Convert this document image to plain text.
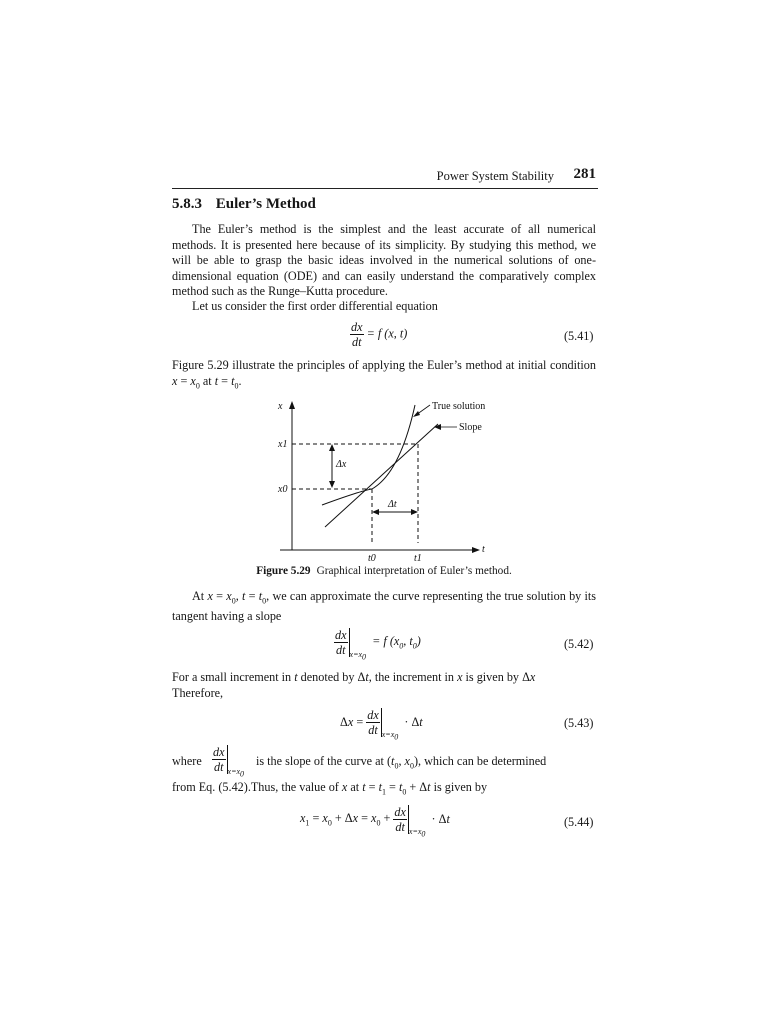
Power System Stability 281
5.8.3 Euler’s Method

The Euler’s method is the simplest and the least accurate of all numerical methods. It is presented here because of its simplicity. By studying this method, we will be able to grasp the basic ideas involved in the numerical solutions of one-dimensional equation (ODE) and can easily understand the comparatively complex method such as the Runge–Kutta procedure.

Let us consider the first order differential equation

$\frac{dx}{dt} = f$ (x, t)	(5.41)

Figure 5.29 illustrate the principles of applying the Euler’s method at initial condition $x = x_0$ at $t = t_0$.

x
t
x1
x0
t0	t1
Δx
Δt
True solution
Slope
Figure 5.29 Graphical interpretation of Euler’s method.

At $x = x_0$, $t = t_0$, we can approximate the curve representing the true solution by its tangent having a slope

$\frac{dx}{dt} _{x=x_0} = f$ ($x_0$, $t_0$)	(5.42)

For a small increment in t denoted by Δt, the increment in x is given by Δx
Therefore,

$\Delta x = \frac{dx}{dt} _{x=x_0} \cdot \Delta t$	(5.43)
where $\frac{dx}{dt} _{x=x_0}$
is the slope of the curve at ($t_0$, $x_0$), which can be determined

from Eq. (5.42).Thus, the value of x at $t = t_1 = t_0 + \Delta t$ is given by

$x_1 = x_0 + \Delta x = x_0 + \frac{dx}{dt} _{x=x_0} \cdot \Delta t$	(5.44)
